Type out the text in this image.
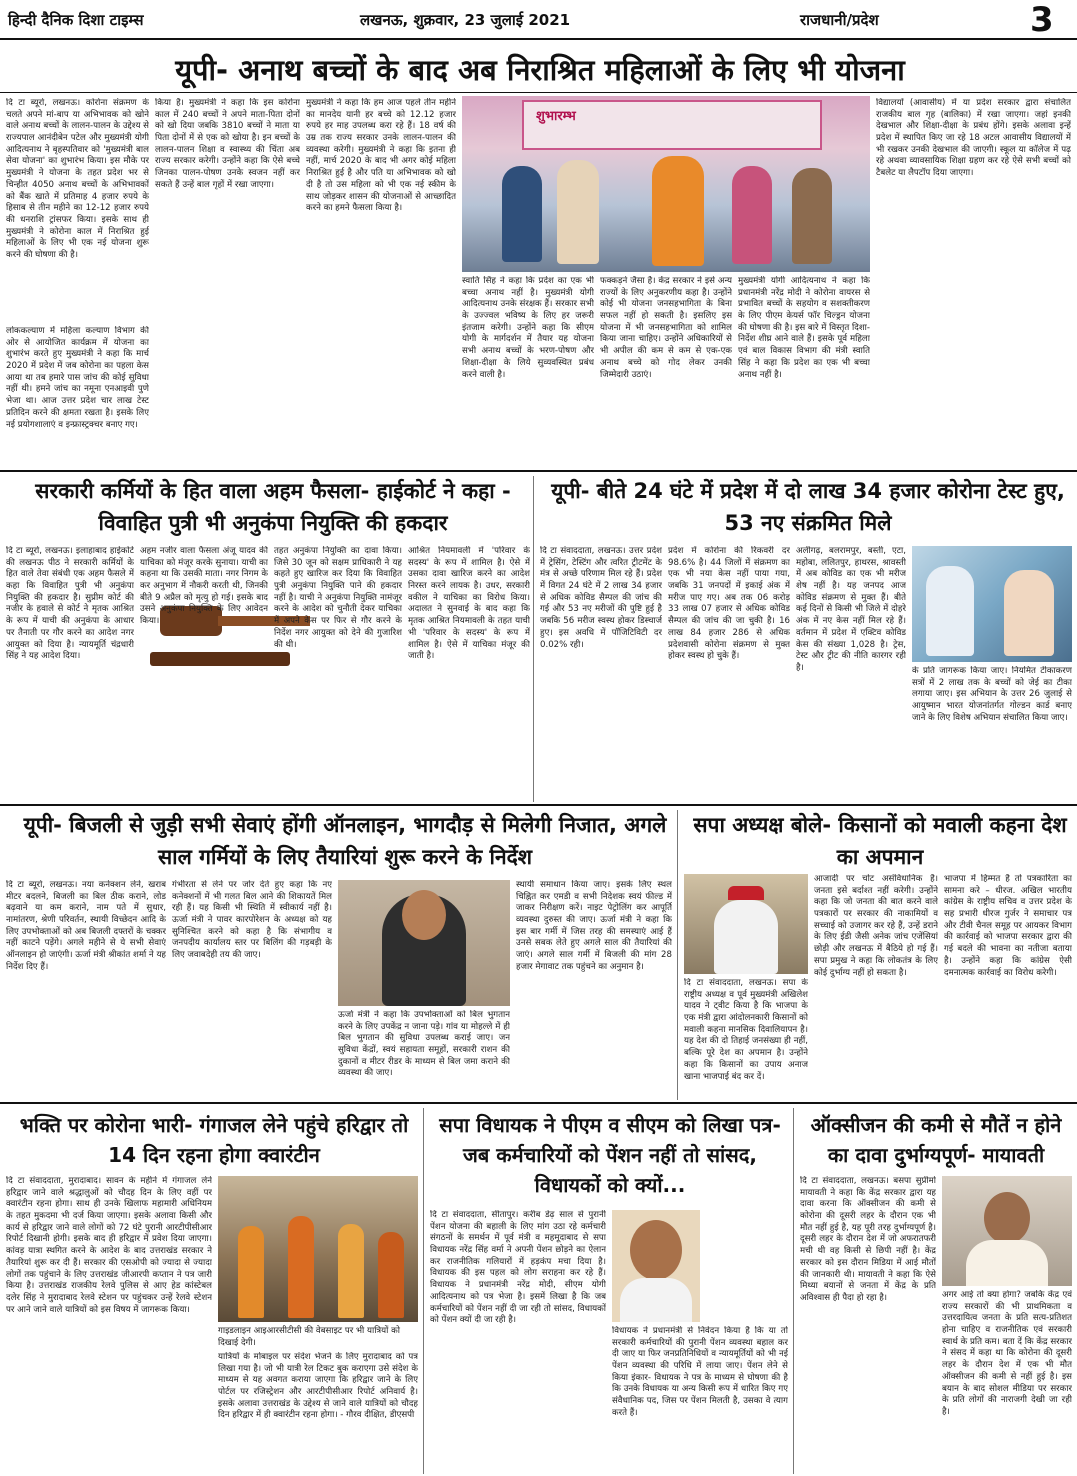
हिन्दी दैनिक दिशा टाइम्स	लखनऊ, शुक्रवार, 23 जुलाई 2021	राजधानी/प्रदेश	3
यूपी- अनाथ बच्चों के बाद अब निराश्रित महिलाओं के लिए भी योजना
दि टा ब्यूरो, लखनऊ। कोरोना संक्रमण के चलते अपने मां-बाप या अभिभावक को खोने वाले अनाथ बच्चों के लालन-पालन के उद्देश्य से राज्यपाल आनंदीबेन पटेल और मुख्यमंत्री योगी आदित्यनाथ ने बृहस्पतिवार को 'मुख्यमंत्री बाल सेवा योजना' का शुभारंभ किया। इस मौके पर मुख्यमंत्री ने योजना के तहत प्रदेश भर से चिन्हीत 4050 अनाथ बच्चों के अभिभावकों को बैंक खाते में प्रतिमाह 4 हजार रुपये के हिसाब से तीन महीने का 12-12 हजार रुपये की धनराशि ट्रांसफर किया। इसके साथ ही मुख्यमंत्री ने कोरोना काल में निराश्रित हुई महिलाओं के लिए भी एक नई योजना शुरू करने की घोषणा की है।
लोककल्याण में महिला कल्याण विभाग की ओर से आयोजित कार्यक्रम में योजना का शुभारंभ करते हुए मुख्यमंत्री ने कहा कि मार्च 2020 में प्रदेश में जब कोरोना का पहला केस आया था तब हमारे पास जांच की कोई सुविधा नहीं थी। हमने जांच का नमूना एनआइवी पुणे भेजा था। आज उत्तर प्रदेश चार लाख टेस्ट प्रतिदिन करने की क्षमता रखता है। इसके लिए नई प्रयोगशालाएं व इन्फ्रास्ट्रक्चर बनाए गए।
किया है। मुख्यमंत्री ने कहा कि इस कोरोना काल में 240 बच्चों ने अपने माता-पिता दोनों को खो दिया जबकि 3810 बच्चों ने माता या पिता दोनों में से एक को खोया है। इन बच्चों के लालन-पालन शिक्षा व स्वास्थ्य की चिंता अब राज्य सरकार करेगी। उन्होंने कहा कि ऐसे बच्चे जिनका पालन-पोषण उनके स्वजन नहीं कर सकते हैं उन्हें बाल गृहों में रखा जाएगा।
मुख्यमंत्री ने कहा कि हम आज पहले तीन महीने का मानदेय यानी हर बच्चे को 12.12 हजार रुपये हर माह उपलब्ध करा रहे हैं। 18 वर्ष की उम्र तक राज्य सरकार उनके लालन-पालन की व्यवस्था करेगी। मुख्यमंत्री ने कहा कि इतना ही नहीं, मार्च 2020 के बाद भी अगर कोई महिला निराश्रित हुई है और पति या अभिभावक को खो दी है तो उस महिला को भी एक नई स्कीम के साथ जोड़कर शासन की योजनाओं से आच्छादित करने का हमने फैसला किया है।
शुभारम्भ
स्वाति सिंह ने कहा कि प्रदेश का एक भी बच्चा अनाथ नहीं है। मुख्यमंत्री योगी आदित्यनाथ उनके संरक्षक हैं। सरकार सभी के उज्ज्वल भविष्य के लिए हर जरूरी इंतजाम करेगी। उन्होंने कहा कि सीएम योगी के मार्गदर्शन में तैयार यह योजना सभी अनाथ बच्चों के भरण-पोषण और शिक्षा-दीक्षा के लिये सुव्यवस्थित प्रबंध करने वाली है।
फक्कड़ने जैसा है। केंद्र सरकार ने इसे अन्य राज्यों के लिए अनुकरणीय कहा है। उन्होंने कोई भी योजना जनसहभागिता के बिना सफल नहीं हो सकती है। इसलिए इस योजना में भी जनसहभागिता को शामिल किया जाना चाहिए। उन्होंने अधिकारियों से भी अपील की कम से कम से एक-एक अनाथ बच्चे को गोद लेकर उनकी जिम्मेदारी उठाएं।
मुख्यमंत्री योगी आदित्यनाथ ने कहा कि प्रधानमंत्री नरेंद्र मोदी ने कोरोना वायरस से प्रभावित बच्चों के सहयोग व सशक्तीकरण के लिए पीएम केयर्स फॉर चिल्ड्रन योजना की घोषणा की है। इस बारे में विस्तृत दिशा-निर्देश शीघ्र आने वाले हैं। इसके पूर्व महिला एवं बाल विकास विभाग की मंत्री स्वाति सिंह ने कहा कि प्रदेश का एक भी बच्चा अनाथ नहीं है।
विद्यालयों (आवासीय) में या प्रदेश सरकार द्वारा संचालित राजकीय बाल गृह (बालिका) में रखा जाएगा। जहां इनकी देखभाल और शिक्षा-दीक्षा के प्रबंध होंगे। इसके अलावा इन्हें प्रदेश में स्थापित किए जा रहे 18 अटल आवासीय विद्यालयों में भी रखकर उनकी देखभाल की जाएगी। स्कूल या कॉलेज में पढ़ रहे अथवा व्यावसायिक शिक्षा ग्रहण कर रहे ऐसे सभी बच्चों को टैबलेट या लैपटॉप दिया जाएगा।
सरकारी कर्मियों के हित वाला अहम फैसला- हाईकोर्ट ने कहा - विवाहित पुत्री भी अनुकंपा नियुक्ति की हकदार
दि टा ब्यूरो, लखनऊ। इलाहाबाद हाईकोर्ट की लखनऊ पीठ ने सरकारी कर्मियों के हित वाले तेवा संबंधी एक अहम फैसले में कहा कि विवाहित पुत्री भी अनुकंपा नियुक्ति की हकदार है। सुप्रीम कोर्ट की नजीर के हवाले से कोर्ट ने मृतक आश्रित के रूप में याची की अनुकंपा के आधार पर तैनाती पर गौर करने का आदेश नगर आयुक्त को दिया है। न्यायमूर्ति चंद्रधारी सिंह ने यह आदेश दिया।
अहम नजीर वाला फैसला अंजू यादव की याचिका को मंजूर करके सुनाया। याची का कहना था कि उसकी माता। नगर निगम के कर अनुभाग में नौकरी करती थी, जिनकी बीते 9 अप्रैल को मृत्यु हो गई। इसके बाद उसने अनुकंपा नियुक्ति के लिए आवेदन किया।
तहत अनुकंपा नियुक्ति का दावा किया। जिसे 30 जून को सक्षम प्राधिकारी ने यह कहते हुए खारिज कर दिया कि विवाहित पुत्री अनुकंपा नियुक्ति पाने की हकदार नहीं है। याची ने अनुकंपा नियुक्ति नामंजूर करने के आदेश को चुनौती देकर याचिका में अपने केस पर फिर से गौर करने के निर्देश नगर आयुक्त को देने की गुजारिश की थी।
आश्रित नियमावली में 'परिवार के सदस्य' के रूप में शामिल है। ऐसे में उसका दावा खारिज करने का आदेश निरस्त करने लायक है। उधर, सरकारी वकील ने याचिका का विरोध किया। अदालत ने सुनवाई के बाद कहा कि मृतक आश्रित नियमावली के तहत याची भी 'परिवार के सदस्य' के रूप में शामिल है। ऐसे में याचिका मंजूर की जाती है।
यूपी- बीते 24 घंटे में प्रदेश में दो लाख 34 हजार कोरोना टेस्ट हुए, 53 नए संक्रमित मिले
दि टा संवाददाता, लखनऊ। उत्तर प्रदेश में ट्रेसिंग, टेस्टिंग और त्वरित ट्रीटमेंट के मंत्र से अच्छे परिणाम मिल रहे हैं। प्रदेश में विगत 24 घंटे में 2 लाख 34 हजार से अधिक कोविड सैम्पल की जांच की गई और 53 नए मरीजों की पुष्टि हुई है जबकि 56 मरीज स्वस्थ होकर डिस्चार्ज हुए। इस अवधि में पॉजिटिविटी दर 0.02% रही।
प्रदेश में कोरोना की रिकवरी दर 98.6% है। 44 जिलों में संक्रमण का एक भी नया केस नहीं पाया गया, जबकि 31 जनपदों में इकाई अंक में मरीज पाए गए। अब तक 06 करोड़ 33 लाख 07 हजार से अधिक कोविड सैम्पल की जांच की जा चुकी है। 16 लाख 84 हजार 286 से अधिक प्रदेशवासी कोरोना संक्रमण से मुक्त होकर स्वस्थ हो चुके हैं।
अलीगढ़, बलरामपुर, बस्ती, एटा, महोबा, ललितपुर, हाथरस, श्रावस्ती में अब कोविड का एक भी मरीज शेष नहीं है। यह जनपद आज कोविड संक्रमण से मुक्त हैं। बीते कई दिनों से किसी भी जिले में दोहरे अंक में नए केस नहीं मिल रहे हैं। वर्तमान में प्रदेश में एक्टिव कोविड केस की संख्या 1,028 है। ट्रेस, टेस्ट और ट्रीट की नीति कारगर रही है।	के प्रति जागरूक किया जाए। नियमित टीकाकरण सत्रों में 2 लाख तक के बच्चों को जेई का टीका लगाया जाए। इस अभियान के उत्तर 26 जुलाई से आयुष्मान भारत योजनांतर्गत गोल्डन कार्ड बनाए जाने के लिए विशेष अभियान संचालित किया जाए।
यूपी- बिजली से जुड़ी सभी सेवाएं होंगी ऑनलाइन, भागदौड़ से मिलेगी निजात, अगले साल गर्मियों के लिए तैयारियां शुरू करने के निर्देश
दि टा ब्यूरो, लखनऊ। नया कनेक्शन लेने, खराब मीटर बदलने, बिजली का बिल ठीक कराने, लोड बढ़वाने या कम कराने, नाम पते में सुधार, नामांतरण, श्रेणी परिवर्तन, स्थायी विच्छेदन आदि के लिए उपभोक्ताओं को अब बिजली दफ्तरों के चक्कर नहीं काटने पड़ेंगे। अगले महीने से ये सभी सेवाएं ऑनलाइन हो जाएंगी। ऊर्जा मंत्री श्रीकांत शर्मा ने यह निर्देश दिए हैं।
गंभीरता से लेने पर जोर देते हुए कहा कि नए कनेक्शनों में भी गलत बिल आने की शिकायतें मिल रही हैं। यह किसी भी स्थिति में स्वीकार्य नहीं है। ऊर्जा मंत्री ने पावर कारपोरेशन के अध्यक्ष को यह सुनिश्चित करने को कहा है कि संभागीय व जनपदीय कार्यालय स्तर पर बिलिंग की गड़बड़ी के लिए जवाबदेही तय की जाए।
ऊर्जा मंत्री ने कहा कि उपभोक्ताओं को बिल भुगतान करने के लिए उपकेंद्र न जाना पड़े। गांव या मोहल्ले में ही बिल भुगतान की सुविधा उपलब्ध कराई जाए। जन सुविधा केंद्रों, स्वयं सहायता समूहों, सरकारी राशन की दुकानों व मीटर रीडर के माध्यम से बिल जमा कराने की व्यवस्था की जाए।
स्थायी समाधान किया जाए। इसके लिए स्थल चिह्नित कर एमडी व सभी निदेशक स्वयं फील्ड में जाकर निरीक्षण करें। नाइट पेट्रोलिंग कर आपूर्ति व्यवस्था दुरुस्त की जाए। ऊर्जा मंत्री ने कहा कि इस बार गर्मी में जिस तरह की समस्याएं आई हैं उनसे सबक लेते हुए अगले साल की तैयारियां की जाएं। अगले साल गर्मी में बिजली की मांग 28 हजार मेगावाट तक पहुंचने का अनुमान है।
सपा अध्यक्ष बोले- किसानों को मवाली कहना देश का अपमान
दि टा संवाददाता, लखनऊ। सपा के राष्ट्रीय अध्यक्ष व पूर्व मुख्यमंत्री अखिलेश यादव ने ट्वीट किया है कि भाजपा के एक मंत्री द्वारा आंदोलनकारी किसानों को मवाली कहना मानसिक दिवालियापन है। यह देश की दो तिहाई जनसंख्या ही नहीं, बल्कि पूरे देश का अपमान है। उन्होंने कहा कि किसानों का उपाय अनाज खाना भाजपाई बंद कर दें।
आजादी पर चोट असंविधानिक है। जनता इसे बर्दाश्त नहीं करेगी। उन्होंने कहा कि जो जनता की बात करने वाले पत्रकारों पर सरकार की नाकामियों व सच्चाई को उजागर कर रहे हैं, उन्हें डराने के लिए ईडी जैसी अनेक जांच एजेंसियां छोड़ी और लखनऊ में बैठिये हो गई हैं। सपा प्रमुख ने कहा कि लोकतंत्र के लिए कोई दुर्भाग्य नहीं हो सकता है।
भाजपा में हिम्मत है तो पत्रकारिता का सामना करे – धीरज. अखिल भारतीय कांग्रेस के राष्ट्रीय सचिव व उत्तर प्रदेश के सह प्रभारी धीरज गुर्जर ने समाचार पत्र और टीवी चैनल समूह पर आयकर विभाग की कार्रवाई को भाजपा सरकार द्वारा की गई बदले की भावना का नतीजा बताया है। उन्होंने कहा कि कांग्रेस ऐसी दमनात्मक कार्रवाई का विरोध करेगी।
भक्ति पर कोरोना भारी- गंगाजल लेने पहुंचे हरिद्वार तो 14 दिन रहना होगा क्वारंटीन
दि टा संवाददाता, मुरादाबाद। सावन के महीने में गंगाजल लेने हरिद्वार जाने वाले श्रद्धालुओं को चौदह दिन के लिए वहीं पर क्वारंटीन रहना होगा। साथ ही उनके खिलाफ महामारी अधिनियम के तहत मुकदमा भी दर्ज किया जाएगा। इसके अलावा किसी और कार्य से हरिद्वार जाने वाले लोगों को 72 घंटे पुरानी आरटीपीसीआर रिपोर्ट दिखानी होगी। इसके बाद ही हरिद्वार में प्रवेश दिया जाएगा। कांवड़ यात्रा स्थगित करने के आदेश के बाद उत्तराखंड सरकार ने तैयारियां शुरू कर दी हैं। सरकार की एसओपी को ज्यादा से ज्यादा लोगों तक पहुंचाने के लिए उत्तराखंड जीआरपी कप्तान ने पत्र जारी किया है। उत्तराखंड राजकीय रेलवे पुलिस से आए हेड कांस्टेबल दलेर सिंह ने मुरादाबाद रेलवे स्टेशन पर पहुंचकर उन्हें रेलवे स्टेशन पर आने जाने वाले यात्रियों को इस विषय में जागरूक किया।
गाइडलाइन आइआरसीटीसी की वेबसाइट पर भी यात्रियों को दिखाई देगी।
यात्रियों के मोबाइल पर संदेश भेजने के लिए मुरादाबाद को पत्र लिखा गया है। जो भी यात्री रेल टिकट बुक कराएगा उसे संदेश के माध्यम से यह अवगत कराया जाएगा कि हरिद्वार जाने के लिए पोर्टल पर रजिस्ट्रेशन और आरटीपीसीआर रिपोर्ट अनिवार्य है। इसके अलावा उत्तराखंड के उद्देश्य से जाने वाले यात्रियों को चौदह दिन हरिद्वार में ही क्वारंटीन रहना होगा। - गौरव दीक्षित, डीएसपी
सपा विधायक ने पीएम व सीएम को लिखा पत्र-जब कर्मचारियों को पेंशन नहीं तो सांसद, विधायकों को क्यों...
दि टा संवाददाता, सीतापुर। करीब डेढ़ साल से पुरानी पेंशन योजना की बहाली के लिए मांग उठा रहे कर्मचारी संगठनों के समर्थन में पूर्व मंत्री व महमूदाबाद से सपा विधायक नरेंद्र सिंह वर्मा ने अपनी पेंशन छोड़ने का ऐलान कर राजनीतिक गलियारों में हड़कंप मचा दिया है। विधायक की इस पहल को लोग सराहना कर रहे हैं। विधायक ने प्रधानमंत्री नरेंद्र मोदी, सीएम योगी आदित्यनाथ को पत्र भेजा है। इसमें लिखा है कि जब कर्मचारियों को पेंशन नहीं दी जा रही तो सांसद, विधायकों को पेंशन क्यों दी जा रही है।
विधायक ने प्रधानमंत्री से निवेदन किया है कि या तो सरकारी कर्मचारियों की पुरानी पेंशन व्यवस्था बहाल कर दी जाए या फिर जनप्रतिनिधियों व न्यायमूर्तियों को भी नई पेंशन व्यवस्था की परिधि में लाया जाए। पेंशन लेने से किया इंकार- विधायक ने पत्र के माध्यम से घोषणा की है कि उनके विधायक या अन्य किसी रूप में धारित किए गए संवैधानिक पद, जिस पर पेंशन मिलती है, उसका वे त्याग करते हैं।
ऑक्सीजन की कमी से मौतें न होने का दावा दुर्भाग्यपूर्ण- मायावती
दि टा संवाददाता, लखनऊ। बसपा सुप्रीमो मायावती ने कहा कि केंद्र सरकार द्वारा यह दावा करना कि ऑक्सीजन की कमी से कोरोना की दूसरी लहर के दौरान एक भी मौत नहीं हुई है, यह पूरी तरह दुर्भाग्यपूर्ण है। दूसरी लहर के दौरान देश में जो अफरातफरी मची थी वह किसी से छिपी नहीं है। केंद्र सरकार को इस दौरान मिडिया में आई मौतों की जानकारी थी। मायावती ने कहा कि ऐसे मिथ्या बयानों से जनता में केंद्र के प्रति अविश्वास ही पैदा हो रहा है।	अगर आई तो क्या होगा? जबकि केंद्र एवं राज्य सरकारों की भी प्राथमिकता व उत्तरदायित्व जनता के प्रति सत्य-प्रतिशत होना चाहिए व राजनीतिक एवं सरकारी स्वार्थ के प्रति कम। बता दें कि केंद्र सरकार ने संसद में कहा था कि कोरोना की दूसरी लहर के दौरान देश में एक भी मौत ऑक्सीजन की कमी से नहीं हुई है। इस बयान के बाद सोशल मीडिया पर सरकार के प्रति लोगों की नाराजगी देखी जा रही है।
